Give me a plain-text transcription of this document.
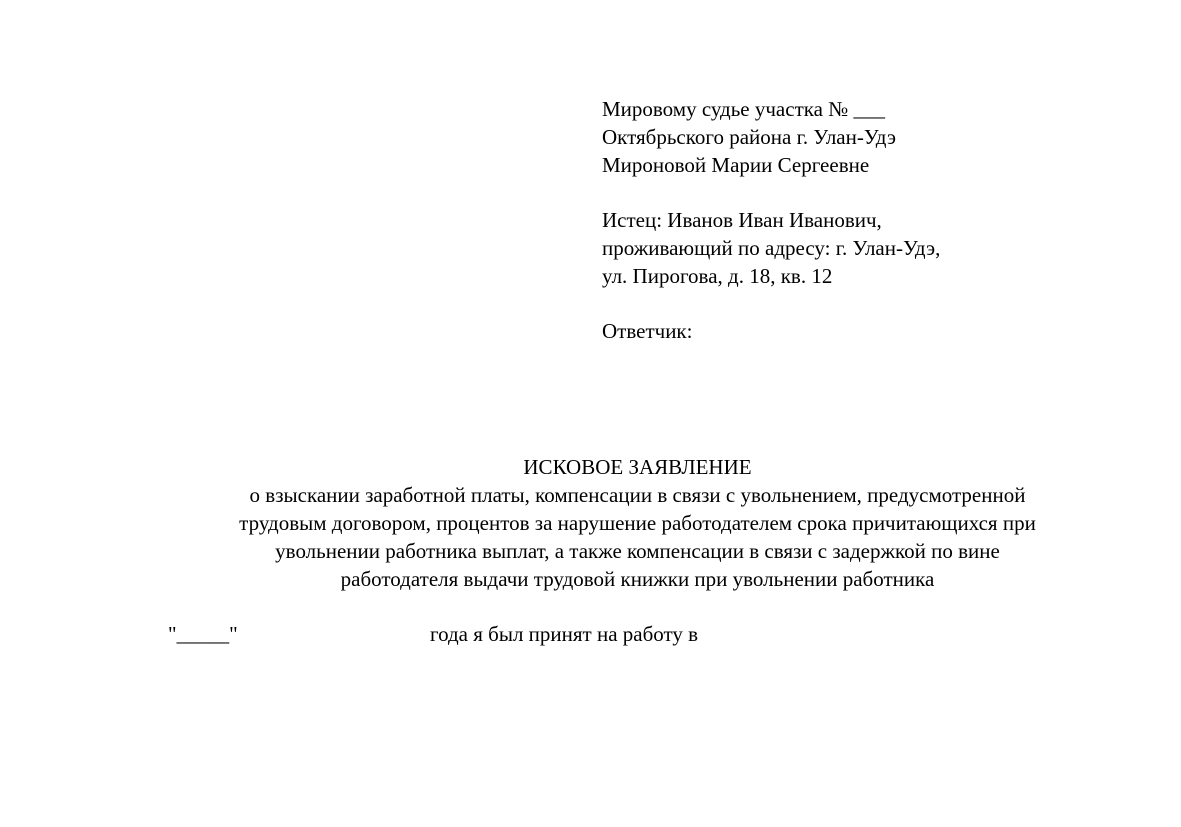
Мировому судье участка № ___
Октябрьского района г. Улан-Удэ
Мироновой Марии Сергеевне
Истец: Иванов Иван Иванович,
проживающий по адресу: г. Улан-Удэ,
ул. Пирогова, д. 18, кв. 12
Ответчик:
ИСКОВОЕ ЗАЯВЛЕНИЕ
о взыскании заработной платы, компенсации в связи с увольнением, предусмотренной
трудовым договором, процентов за нарушение работодателем срока причитающихся при
увольнении работника выплат, а также компенсации в связи с задержкой по вине
работодателя выдачи трудовой книжки при увольнении работника
"_____"	года я был принят на работу в
